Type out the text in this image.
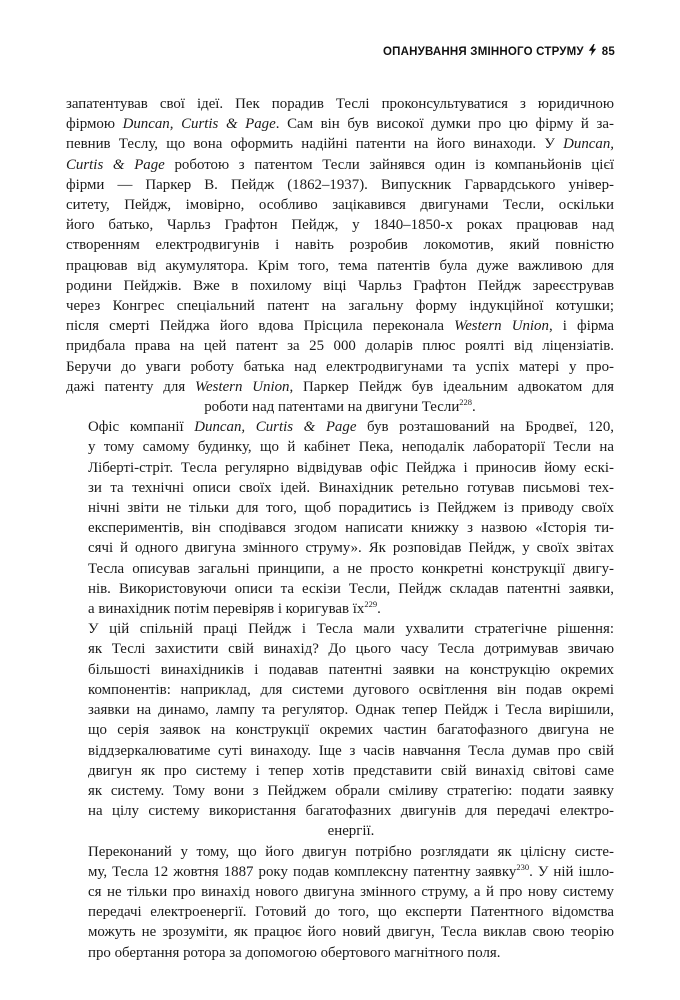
ОПАНУВАННЯ ЗМІННОГО СТРУМУ 85
запатентував свої ідеї. Пек порадив Теслі проконсультуватися з юридичною
фірмою Duncan, Curtis & Page. Сам він був високої думки про цю фірму й за-
певнив Теслу, що вона оформить надійні патенти на його винаходи. У Duncan,
Curtis & Page роботою з патентом Тесли зайнявся один із компаньйонів цієї
фірми — Паркер В. Пейдж (1862–1937). Випускник Гарвардського універ-
ситету, Пейдж, імовірно, особливо зацікавився двигунами Тесли, оскільки
його батько, Чарльз Графтон Пейдж, у 1840–1850-х роках працював над
створенням електродвигунів і навіть розробив локомотив, який повністю
працював від акумулятора. Крім того, тема патентів була дуже важливою для
родини Пейджів. Вже в похилому віці Чарльз Графтон Пейдж зареєстрував
через Конгрес спеціальний патент на загальну форму індукційної котушки;
після смерті Пейджа його вдова Прісцила переконала Western Union, і фірма
придбала права на цей патент за 25 000 доларів плюс роялті від ліцензіатів.
Беручи до уваги роботу батька над електродвигунами та успіх матері у про-
дажі патенту для Western Union, Паркер Пейдж був ідеальним адвокатом для
роботи над патентами на двигуни Тесли$^{228}$.
Офіс компанії Duncan, Curtis & Page був розташований на Бродвеї, 120,
у тому самому будинку, що й кабінет Пека, неподалік лабораторії Тесли на
Ліберті-стріт. Тесла регулярно відвідував офіс Пейджа і приносив йому ескі-
зи та технічні описи своїх ідей. Винахідник ретельно готував письмові тех-
нічні звіти не тільки для того, щоб порадитись із Пейджем із приводу своїх
експериментів, він сподівався згодом написати книжку з назвою «Історія ти-
сячі й одного двигуна змінного струму». Як розповідав Пейдж, у своїх звітах
Тесла описував загальні принципи, а не просто конкретні конструкції двигу-
нів. Використовуючи описи та ескізи Тесли, Пейдж складав патентні заявки,
а винахідник потім перевіряв і коригував $їх^{229}$.
У цій спільній праці Пейдж і Тесла мали ухвалити стратегічне рішення:
як Теслі захистити свій винахід? До цього часу Тесла дотримував звичаю
більшості винахідників і подавав патентні заявки на конструкцію окремих
компонентів: наприклад, для системи дугового освітлення він подав окремі
заявки на динамо, лампу та регулятор. Однак тепер Пейдж і Тесла вирішили,
що серія заявок на конструкції окремих частин багатофазного двигуна не
віддзеркалюватиме суті винаходу. Іще з часів навчання Тесла думав про свій
двигун як про систему і тепер хотів представити свій винахід світові саме
як систему. Тому вони з Пейджем обрали сміливу стратегію: подати заявку
на цілу систему використання багатофазних двигунів для передачі електро-
енергії.
Переконаний у тому, що його двигун потрібно розглядати як цілісну систе-
му, Тесла 12 жовтня 1887 року подав комплексну патентну заявку$^{230}$. У ній ішло-
ся не тільки про винахід нового двигуна змінного струму, а й про нову систему
передачі електроенергії. Готовий до того, що експерти Патентного відомства
можуть не зрозуміти, як працює його новий двигун, Тесла виклав свою теорію
про обертання ротора за допомогою обертового магнітного поля.
